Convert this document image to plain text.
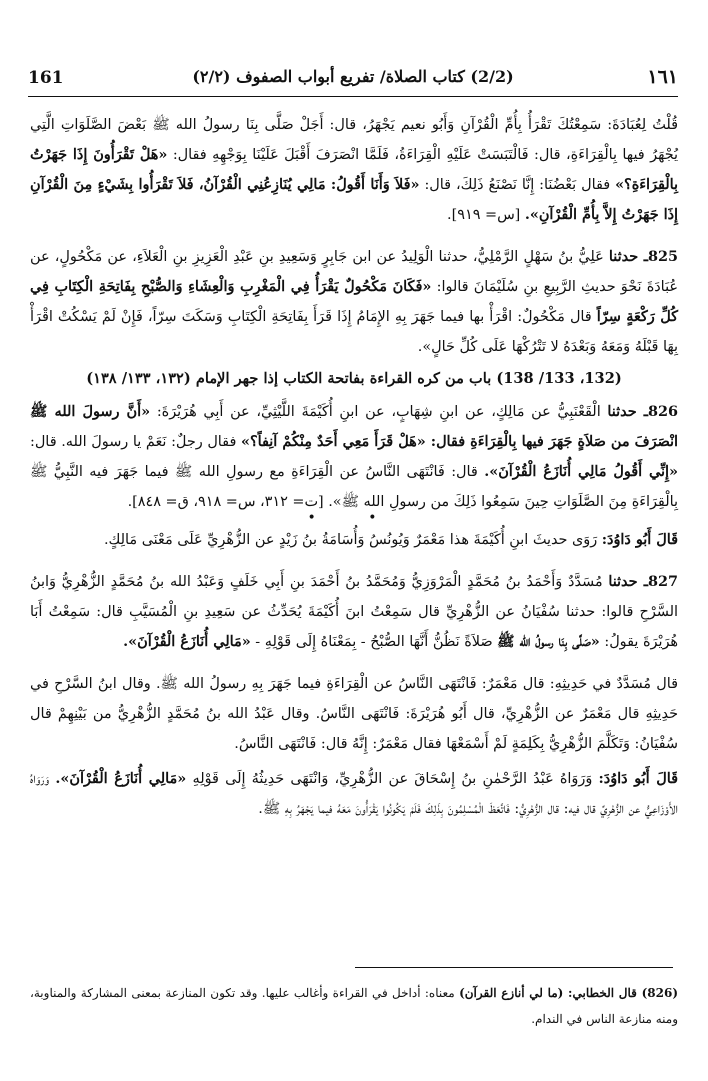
161	(2/2) كتاب الصلاة/ تفريع أبواب الصفوف (٢/٢)	١٦١

قُلْتُ لِعُبَادَةَ: سَمِعْتُكَ تَقْرَأُ بِأُمِّ الْقُرْآنِ وَأَبُو نعيم يَجْهَرُ، قال: أَجَلْ صَلَّى بِنَا رسولُ الله ﷺ بَعْضَ الصَّلَوَاتِ الَّتِي يُجْهَرُ فيها بِالْقِرَاءَةِ، قال: فَالْتَبَسَتْ عَلَيْهِ الْقِرَاءَةُ، فَلَمَّا انْصَرَفَ أَقْبَلَ عَلَيْنَا بِوَجْهِهِ فقال: «هَلْ تَقْرَأُونَ إِذَا جَهَرْتُ بِالْقِرَاءَةِ؟» فقال بَعْضُنَا: إِنَّا نَصْنَعُ ذَلِكَ، قال: «فَلاَ وَأَنَا أَقُولُ: مَالِي يُنَازِعُنِي الْقُرْآنُ، فَلاَ تَقْرَأُوا بِشَيْءٍ مِنَ الْقُرْآنِ إِذَا جَهَرْتُ إِلاَّ بِأُمِّ الْقُرْآنِ». [س= ٩١٩].

825ـ حدثنا عَلِيُّ بنُ سَهْلٍ الرَّمْلِيُّ، حدثنا الْوَلِيدُ عن ابن جَابِرٍ وَسَعِيدِ بنِ عَبْدِ الْعَزِيزِ بنِ الْعَلاَءِ، عن مَكْحُولٍ، عن عُبَادَةَ نَحْوَ حديثِ الرَّبِيعِ بنِ سُلَيْمَانَ قالوا: «فَكَانَ مَكْحُولٌ يَقْرَأُ فِي الْمَغْرِبِ وَالْعِشَاءِ وَالصُّبْحِ بِفَاتِحَةِ الْكِتَابِ فِي كُلِّ رَكْعَةٍ سِرّاً قال مَكْحُولٌ: اقْرَأْ بها فيما جَهَرَ بِهِ الإِمَامُ إِذَا قَرَأَ بِفَاتِحَةِ الْكِتَابِ وَسَكَتَ سِرّاً، فَإِنْ لَمْ يَسْكُتْ اقْرَأْ بِهَا قَبْلَهُ وَمَعَهُ وَبَعْدَهُ لا تَتْرُكْهَا عَلَى كُلِّ حَالٍ».

(132، 133/ 138) باب من كره القراءة بفاتحة الكتاب إذا جهر الإمام (١٣٢، ١٣٣/ ١٣٨)

826ـ حدثنا الْقَعْنَبِيُّ عن مَالِكٍ، عن ابنِ شِهَابٍ، عن ابنِ أُكَيْمَةَ اللَّيْثِيِّ، عن أَبِي هُرَيْرَةَ: «أَنَّ رسولَ الله ﷺ انْصَرَفَ من صَلاَةٍ جَهَرَ فيها بِالْقِرَاءَةِ فقال: «هَلْ قَرَأَ مَعِي أَحَدٌ مِنْكُمْ آنِفاً؟» فقال رجلٌ: نَعَمْ يا رسولَ الله. قال: «إِنِّي أَقُولُ مَالِي أُنَازَعُ الْقُرْآنَ». قال: فَانْتَهَى النَّاسُ عن الْقِرَاءَةِ مع رسولِ الله ﷺ فيما جَهَرَ فيه النَّبِيُّ ﷺ بِالْقِرَاءَةِ مِنَ الصَّلَوَاتِ حِينَ سَمِعُوا ذَلِكَ من رسولِ الله ﷺ». [ت= ٣١٢، س= ٩١٨، ق= ٨٤٨].

• •

قَالَ أَبُو دَاوُدَ: رَوَى حديثَ ابنِ أُكَيْمَةَ هذا مَعْمَرٌ وَيُونُسُ وَأُسَامَةُ بنُ زَيْدٍ عن الزُّهْرِيِّ عَلَى مَعْنَى مَالِكٍ.

827ـ حدثنا مُسَدَّدٌ وَأَحْمَدُ بنُ مُحَمَّدٍ الْمَرْوَزِيُّ وَمُحَمَّدُ بنُ أَحْمَدَ بنِ أَبِي خَلَفٍ وَعَبْدُ الله بنُ مُحَمَّدٍ الزُّهْرِيُّ وَابنُ السَّرْحِ قالوا: حدثنا سُفْيَانُ عن الزُّهْرِيِّ قال سَمِعْتُ ابنَ أُكَيْمَةَ يُحَدِّثُ عن سَعِيدِ بنِ الْمُسَيَّبِ قال: سَمِعْتُ أَبَا هُرَيْرَةَ يقولُ: «صَلَّى بِنَا رسولُ الله ﷺ صَلاَةً نَظُنُّ أَنَّهَا الصُّبْحُ - بِمَعْنَاهُ إِلَى قَوْلِهِ - «مَالِي أُنَازَعُ الْقُرْآنَ».

قال مُسَدَّدٌ في حَدِيثِهِ: قال مَعْمَرٌ: فَانْتَهَى النَّاسُ عن الْقِرَاءَةِ فيما جَهَرَ بِهِ رسولُ الله ﷺ. وقال ابنُ السَّرْحِ في حَدِيثِهِ قال مَعْمَرٌ عن الزُّهْرِيِّ، قال أَبُو هُرَيْرَةَ: فَانْتَهَى النَّاسُ. وقال عَبْدُ الله بنُ مُحَمَّدٍ الزُّهْرِيُّ من بَيْنِهِمْ قال سُفْيَانُ: وَتَكَلَّمَ الزُّهْرِيُّ بِكَلِمَةٍ لَمْ أَسْمَعْهَا فقال مَعْمَرٌ: إِنَّهُ قال: فَانْتَهَى النَّاسُ.

قَالَ أَبُو دَاوُدَ: وَرَوَاهُ عَبْدُ الرَّحْمٰنِ بنُ إِسْحَاقَ عن الزُّهْرِيِّ، وَانْتَهَى حَدِيثُهُ إِلَى قَوْلِهِ «مَالِي أُنَازَعُ الْقُرْآنَ». وَرَوَاهُ الأَوْزَاعِيُّ عن الزُّهْرِيِّ قال فيه: قال الزُّهْرِيُّ: فَاتَّعَظَ الْمُسْلِمُونَ بِذَلِكَ فَلَمْ يَكُونُوا يَقْرَأُونَ مَعَهُ فيما يَجْهَرُ بِهِ ﷺ.

(826) قال الخطابي: (ما لي أنازع القرآن) معناه: أداخل في القراءة وأغالب عليها. وقد تكون المنازعة بمعنى المشاركة والمناوبة، ومنه منازعة الناس في الندام.
